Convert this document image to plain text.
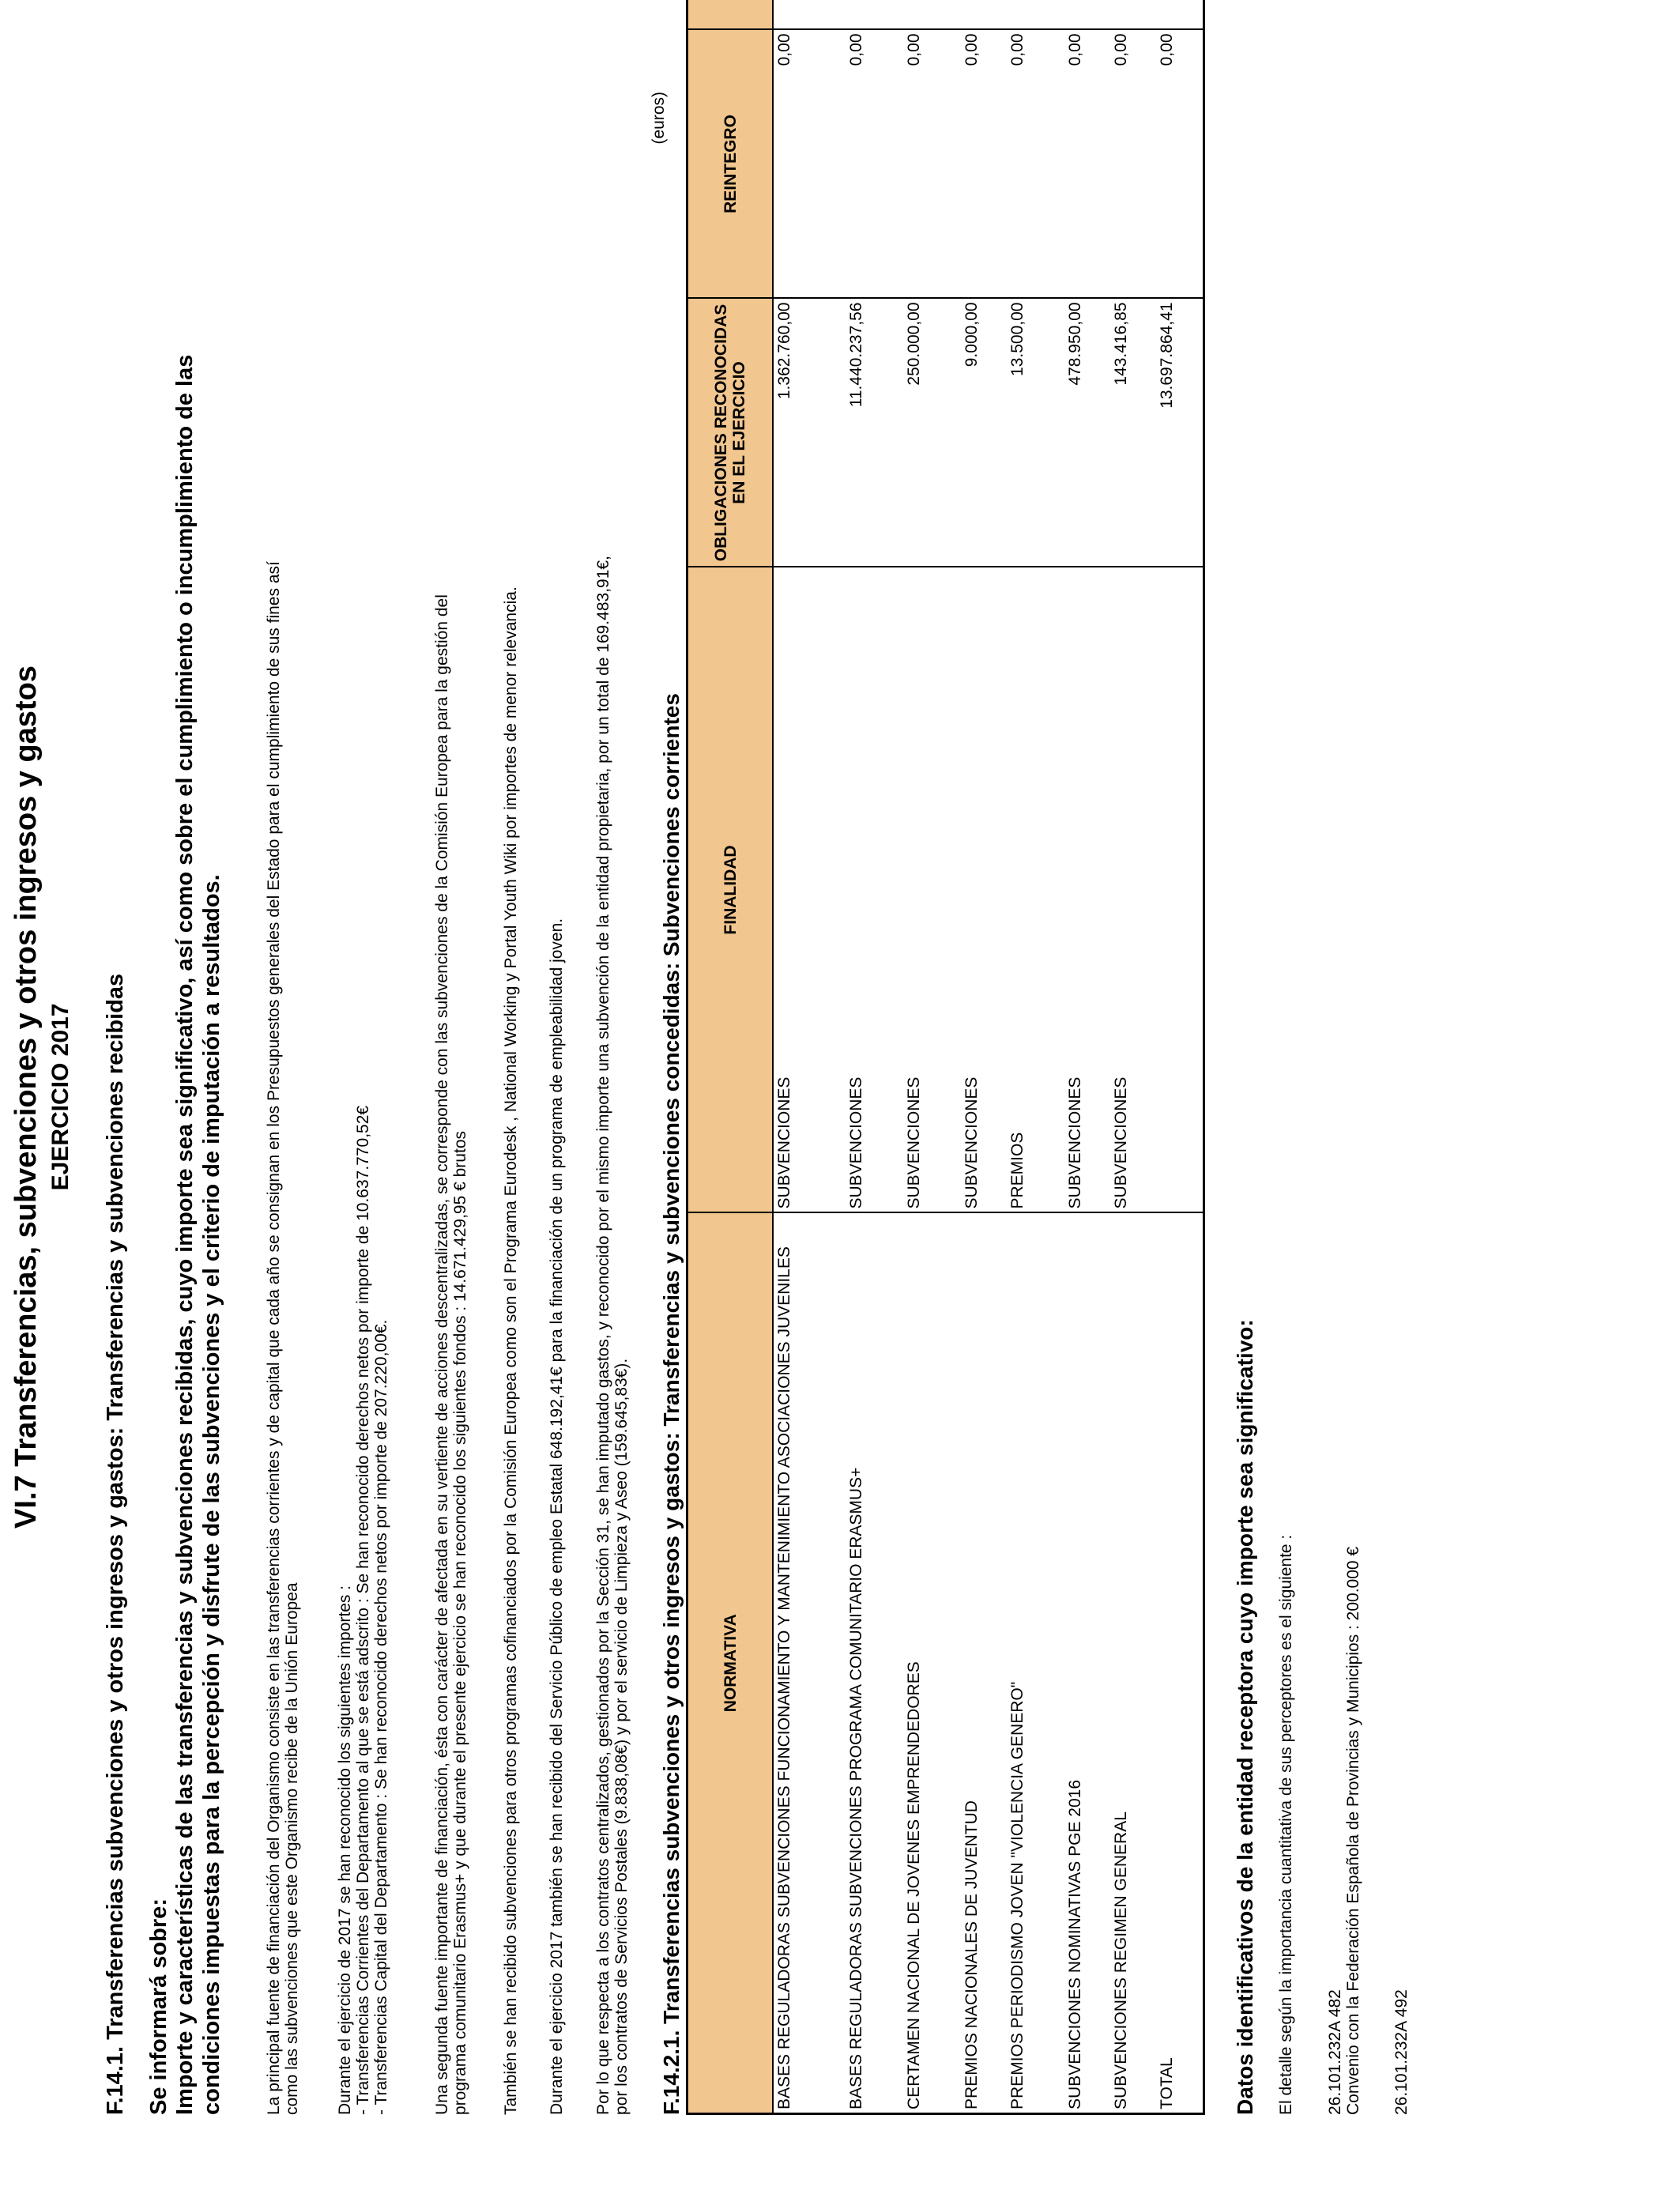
VI.7 Transferencias, subvenciones y otros ingresos y gastos EJERCICIO 2017 F.14.1. Transferencias subvenciones y otros ingresos y gastos: Transferencias y subvenciones recibidas Se informará sobre: Importe y características de las transferencias y subvenciones recibidas, cuyo importe sea significativo, así como sobre el cumplimiento o incumplimiento de las condiciones impuestas para la percepción y disfrute de las subvenciones y el criterio de imputación a resultados. La principal fuente de financiación del Organismo consiste en las transferencias corrientes y de capital que cada año se consignan en los Presupuestos generales del Estado para el cumplimiento de sus fines así como las subvenciones que este Organismo recibe de la Unión Europea Durante el ejercicio de 2017 se han reconocido los siguientes importes : - Transferencias Corrientes del Departamento al que se está adscrito : Se han reconocido derechos netos por importe de 10.637.770,52€ - Transferencias Capital del Departamento : Se han reconocido derechos netos por importe de 207.220,00€.	Una segunda fuente importante de financiación, ésta con carácter de afectada en su vertiente de acciones descentralizadas, se corresponde con las subvenciones de la Comisión Europea para la gestión del programa comunitario Erasmus+ y que durante el presente ejercicio se han reconocido los siguientes fondos : 14.671.429,95 € brutos También se han recibido subvenciones para otros programas cofinanciados por la Comisión Europea como son el Programa Eurodesk , National Working y Portal Youth Wiki por importes de menor relevancia. Durante el ejercicio 2017 también se han recibido del Servicio Público de empleo Estatal 648.192,41€ para la financiación de un programa de empleabilidad joven. Por lo que respecta a los contratos centralizados, gestionados por la Sección 31, se han imputado gastos, y reconocido por el mismo importe una subvención de la entidad propietaria, por un total de 169.483,91€, por los contratos de Servicios Postales (9.838,08€) y por el servicio de Limpieza y Aseo (159.645,83€). F.14.2.1. Transferencias subvenciones y otros ingresos y gastos: Transferencias y subvenciones concedidas: Subvenciones corrientes
(euros)
NORMATIVA	FINALIDAD	OBLIGACIONES RECONOCIDAS EN EL EJERCICIO	REINTEGRO	
BASES REGULADORAS SUBVENCIONES FUNCIONAMIENTO Y MANTENIMIENTO ASOCIACIONES JUVENILES	SUBVENCIONES	1.362.760,00	0,00	
BASES REGULADORAS SUBVENCIONES PROGRAMA COMUNITARIO ERASMUS+	SUBVENCIONES	11.440.237,56	0,00	
CERTAMEN NACIONAL DE JOVENES EMPRENDEDORES	SUBVENCIONES	250.000,00	0,00	
PREMIOS NACIONALES DE JUVENTUD	SUBVENCIONES	9.000,00	0,00	
PREMIOS PERIODISMO JOVEN "VIOLENCIA GENERO"	PREMIOS	13.500,00	0,00	
SUBVENCIONES NOMINATIVAS PGE 2016	SUBVENCIONES	478.950,00	0,00	
SUBVENCIONES REGIMEN GENERAL	SUBVENCIONES	143.416,85	0,00	
TOTAL		13.697.864,41	0,00	
Datos identificativos de la entidad receptora cuyo importe sea significativo: El detalle según la importancia cuantitativa de sus perceptores es el siguiente : 26.101.232A 482 Convenio con la Federación Española de Provincias y Municipios : 200.000 € 26.101.232A 492
